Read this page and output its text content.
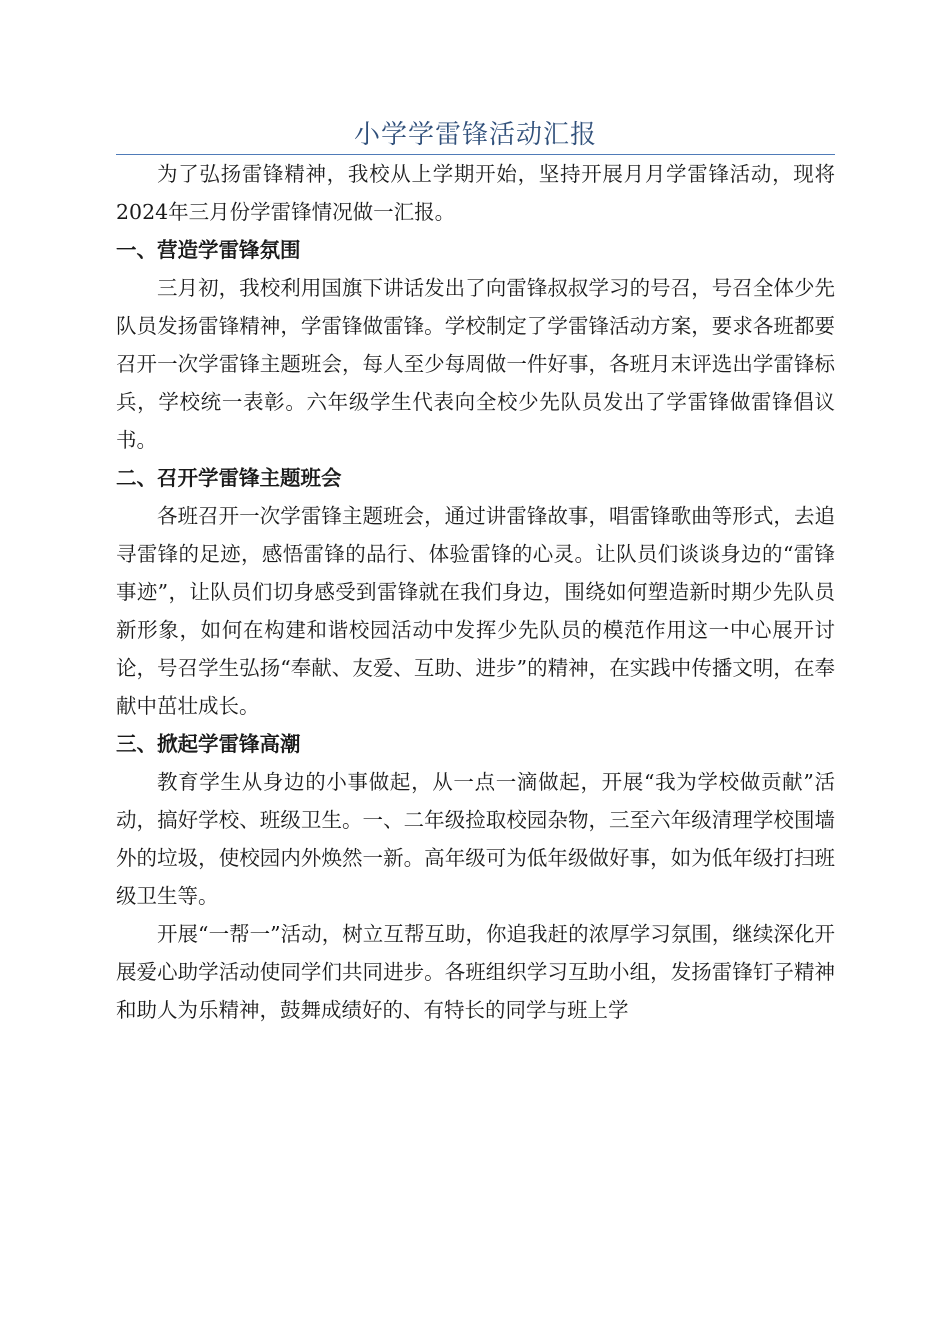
小学学雷锋活动汇报

为了弘扬雷锋精神，我校从上学期开始，坚持开展月月学雷锋活动，现将2024年三月份学雷锋情况做一汇报。

一、营造学雷锋氛围

三月初，我校利用国旗下讲话发出了向雷锋叔叔学习的号召，号召全体少先队员发扬雷锋精神，学雷锋做雷锋。学校制定了学雷锋活动方案，要求各班都要召开一次学雷锋主题班会，每人至少每周做一件好事，各班月末评选出学雷锋标兵，学校统一表彰。六年级学生代表向全校少先队员发出了学雷锋做雷锋倡议书。

二、召开学雷锋主题班会

各班召开一次学雷锋主题班会，通过讲雷锋故事，唱雷锋歌曲等形式，去追寻雷锋的足迹，感悟雷锋的品行、体验雷锋的心灵。让队员们谈谈身边的“雷锋事迹”，让队员们切身感受到雷锋就在我们身边，围绕如何塑造新时期少先队员新形象，如何在构建和谐校园活动中发挥少先队员的模范作用这一中心展开讨论，号召学生弘扬“奉献、友爱、互助、进步”的精神，在实践中传播文明，在奉献中茁壮成长。

三、掀起学雷锋高潮

教育学生从身边的小事做起，从一点一滴做起，开展“我为学校做贡献”活动，搞好学校、班级卫生。一、二年级捡取校园杂物，三至六年级清理学校围墙外的垃圾，使校园内外焕然一新。高年级可为低年级做好事，如为低年级打扫班级卫生等。

开展“一帮一”活动，树立互帮互助，你追我赶的浓厚学习氛围，继续深化开展爱心助学活动使同学们共同进步。各班组织学习互助小组，发扬雷锋钉子精神和助人为乐精神，鼓舞成绩好的、有特长的同学与班上学
